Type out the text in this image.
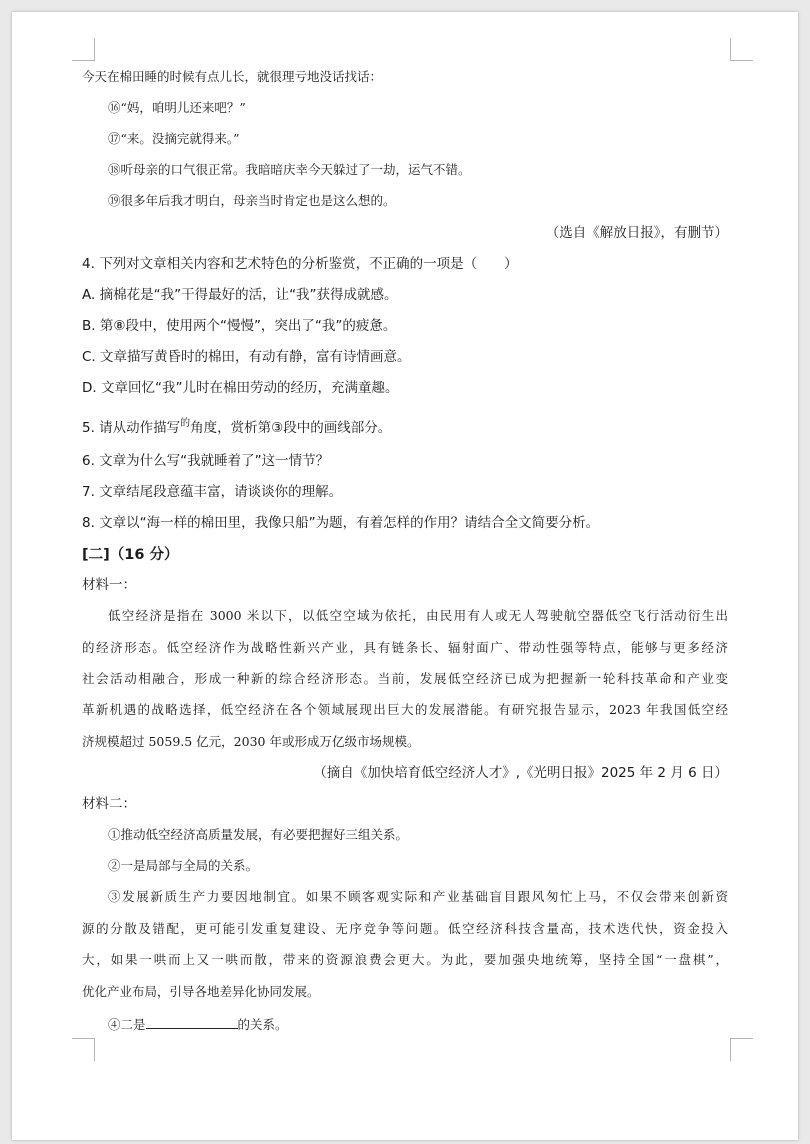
今天在棉田睡的时候有点儿长，就很理亏地没话找话：
⑯“妈，咱明儿还来吧？”
⑰“来。没摘完就得来。”
⑱听母亲的口气很正常。我暗暗庆幸今天躲过了一劫，运气不错。
⑲很多年后我才明白，母亲当时肯定也是这么想的。
（选自《解放日报》，有删节）
4. 下列对文章相关内容和艺术特色的分析鉴赏，不正确的一项是（　　）
A. 摘棉花是“我”干得最好的活，让“我”获得成就感。
B. 第⑧段中，使用两个“慢慢”，突出了“我”的疲惫。
C. 文章描写黄昏时的棉田，有动有静，富有诗情画意。
D. 文章回忆“我”儿时在棉田劳动的经历，充满童趣。
5. 请从动作描写$^的$角度，赏析第③段中的画线部分。
6. 文章为什么写“我就睡着了”这一情节？
7. 文章结尾段意蕴丰富，请谈谈你的理解。
8. 文章以“海一样的棉田里，我像只船”为题，有着怎样的作用？请结合全文简要分析。
[二]（16 分）
材料一：
低空经济是指在 3000 米以下，以低空空域为依托，由民用有人或无人驾驶航空器低空飞行活动衍生出
的经济形态。低空经济作为战略性新兴产业，具有链条长、辐射面广、带动性强等特点，能够与更多经济
社会活动相融合，形成一种新的综合经济形态。当前，发展低空经济已成为把握新一轮科技革命和产业变
革新机遇的战略选择，低空经济在各个领域展现出巨大的发展潜能。有研究报告显示，2023 年我国低空经
济规模超过 5059.5 亿元，2030 年或形成万亿级市场规模。
（摘自《加快培育低空经济人才》,《光明日报》2025 年 2 月 6 日）
材料二：
①推动低空经济高质量发展，有必要把握好三组关系。
②一是局部与全局的关系。
③发展新质生产力要因地制宜。如果不顾客观实际和产业基础盲目跟风匆忙上马，不仅会带来创新资
源的分散及错配，更可能引发重复建设、无序竞争等问题。低空经济科技含量高，技术迭代快，资金投入
大，如果一哄而上又一哄而散，带来的资源浪费会更大。为此，要加强央地统筹，坚持全国“一盘棋”，
优化产业布局，引导各地差异化协同发展。
④二是	的关系。
